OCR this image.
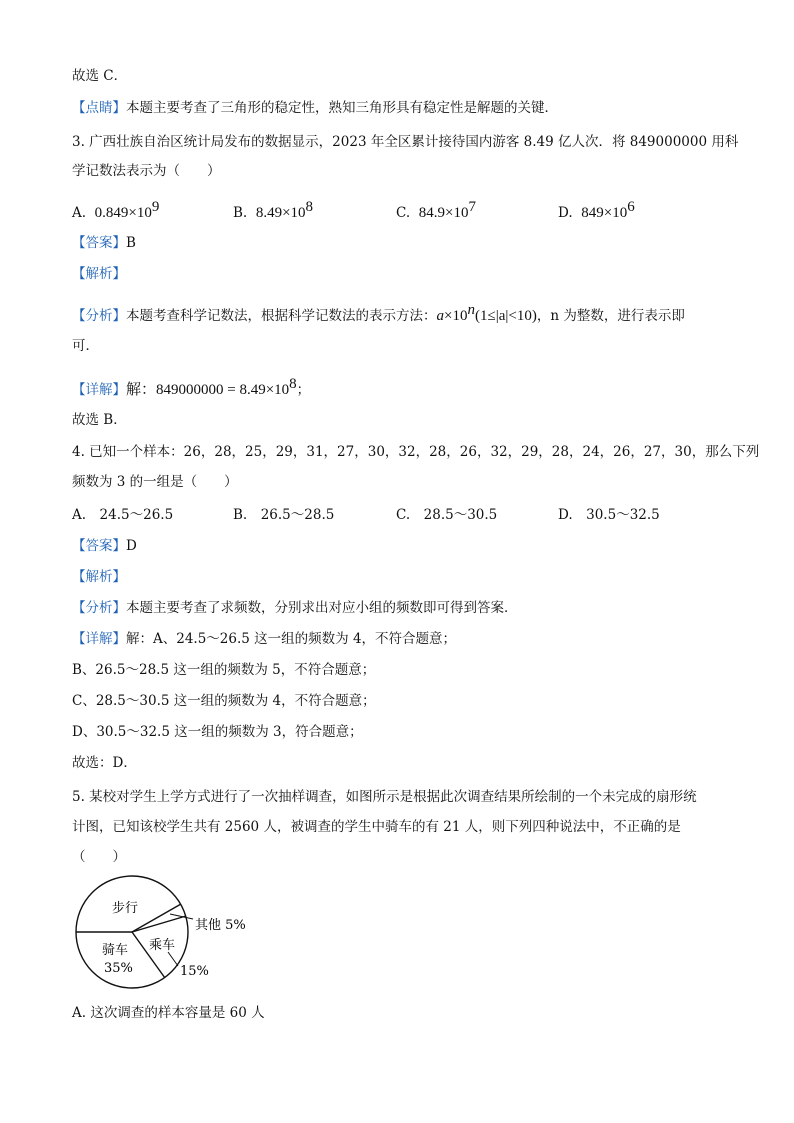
故选 C．
【点睛】本题主要考查了三角形的稳定性，熟知三角形具有稳定性是解题的关键．
3. 广西壮族自治区统计局发布的数据显示，2023 年全区累计接待国内游客 8.49 亿人次．将 849000000 用科
学记数法表示为（　　）
A. $0.849\times 10^9$	B. $8.49\times 10^8$	C. $84.9\times 10^7$	D. $849\times 10^6$
【答案】B
【解析】
【分析】本题考查科学记数法，根据科学记数法的表示方法：$a\times 10^n(1\le|a|<10)$，n 为整数，进行表示即
可．
【详解】解：$849000000 = 8.49\times 10^8$；
故选 B．
4. 已知一个样本：26，28，25，29，31，27，30，32，28，26，32，29，28，24，26，27，30，那么下列
频数为 3 的一组是（　　）
A.　24.5～26.5	B.　26.5～28.5	C.　28.5～30.5	D.　30.5～32.5
【答案】D
【解析】
【分析】本题主要考查了求频数，分别求出对应小组的频数即可得到答案．
【详解】解：A、24.5～26.5 这一组的频数为 4，不符合题意；
B、26.5～28.5 这一组的频数为 5，不符合题意；
C、28.5～30.5 这一组的频数为 4，不符合题意；
D、30.5～32.5 这一组的频数为 3，符合题意；
故选：D．
5. 某校对学生上学方式进行了一次抽样调查，如图所示是根据此次调查结果所绘制的一个未完成的扇形统
计图，已知该校学生共有 2560 人，被调查的学生中骑车的有 21 人，则下列四种说法中，不正确的是
（　　）
步行
骑车
35%
乘车
15%
其他 5%
A. 这次调查的样本容量是 60 人
